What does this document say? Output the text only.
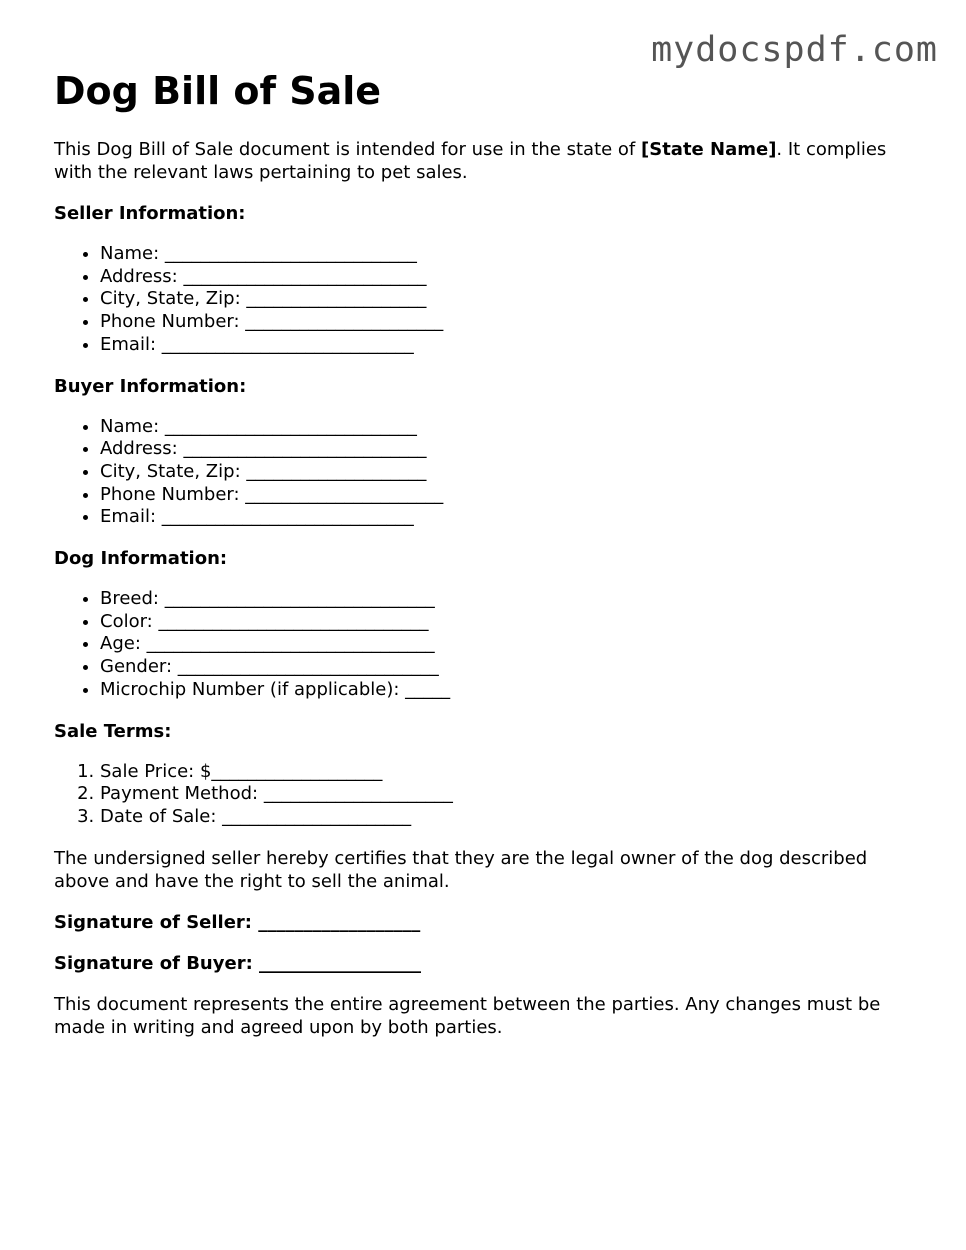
mydocspdf.com
Dog Bill of Sale

This Dog Bill of Sale document is intended for use in the state of [State Name]. It complies with the relevant laws pertaining to pet sales.

Seller Information:
• Name: ____________________________
• Address: ___________________________
• City, State, Zip: ____________________
• Phone Number: ______________________
• Email: ____________________________
Buyer Information:
• Name: ____________________________
• Address: ___________________________
• City, State, Zip: ____________________
• Phone Number: ______________________
• Email: ____________________________
Dog Information:
• Breed: ______________________________
• Color: ______________________________
• Age: ________________________________
• Gender: _____________________________
• Microchip Number (if applicable): _____
Sale Terms:
1. Sale Price: $___________________
2. Payment Method: _____________________
3. Date of Sale: _____________________

The undersigned seller hereby certifies that they are the legal owner of the dog described above and have the right to sell the animal.

Signature of Seller: __________________

Signature of Buyer: __________________

This document represents the entire agreement between the parties. Any changes must be made in writing and agreed upon by both parties.
